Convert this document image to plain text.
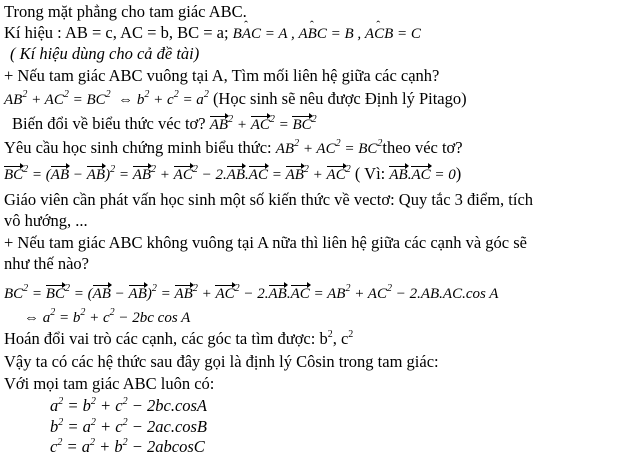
Trong mặt phẳng cho tam giác ABC.
Kí hiệu : AB = c, AC = b, BC = a; ˆ BAC = A , ˆ ABC = B , ˆ ACB = C
( Kí hiệu dùng cho cả đề tài)
+ Nếu tam giác ABC vuông tại A, Tìm mối liên hệ giữa các cạnh?
$AB^2 + AC^2 = BC^2$  ⇔ $b^2 + c^2 = a^2$ (Học sinh sẽ nêu được Định lý Pitago)
Biến đổi về biểu thức véc tơ? $AB^2 + AC^2 = BC^2$
Yêu cầu học sinh chứng minh biểu thức: $AB^2 + AC^2$ = $BC^2theo$ véc tơ?
$BC^2 = (AB - AB)^2 = AB^2 + AC^2 - 2.AB.AC = AB^2 + AC^2$ ( Vì: AB.AC = 0)
Giáo viên cần phát vấn học sinh một số kiến thức về vectơ: Quy tắc 3 điểm, tích
vô hướng, ...
+ Nếu tam giác ABC không vuông tại A nữa thì liên hệ giữa các cạnh và góc sẽ
như thế nào?
$BC^2 = BC^2 = (AB - AB)^2 = AB^2 + AC^2 - 2.AB.AC = AB^2 + AC^2 - 2.AB.AC.\cos$ A
⇔ $a^2 = b^2 + c^2 - 2bc$ cos A
Hoán đổi vai trò các cạnh, các góc ta tìm được: $b^2$, $c^2$
Vậy ta có các hệ thức sau đây gọi là định lý Côsin trong tam giác:
Với mọi tam giác ABC luôn có:
$a^2 = b^2 + c^2 - 2bc.\cos A$
$b^2 = a^2 + c^2 - 2ac.\cos B$
$c^2 = a^2 + b^2 - 2abcosC$
